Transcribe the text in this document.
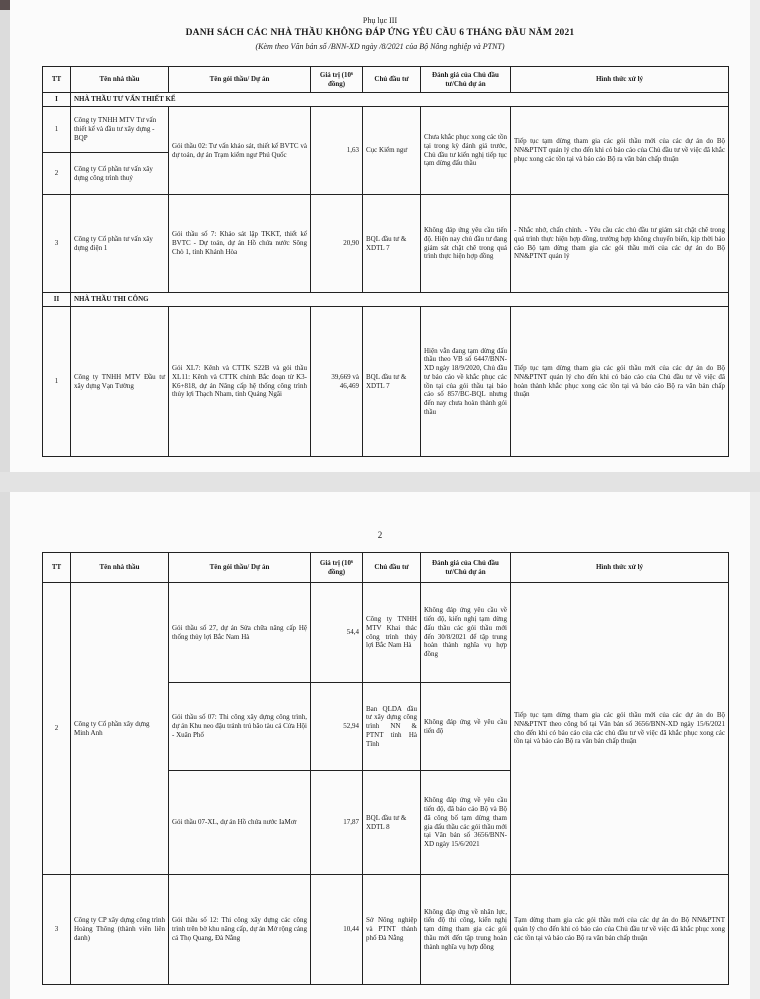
Phụ lục III
DANH SÁCH CÁC NHÀ THẦU KHÔNG ĐÁP ỨNG YÊU CẦU 6 THÁNG ĐẦU NĂM 2021
(Kèm theo Văn bản số /BNN-XD ngày /8/2021 của Bộ Nông nghiệp và PTNT)
TT	Tên nhà thầu	Tên gói thầu/ Dự án	Giá trị (10⁶ đồng)	Chủ đầu tư	Đánh giá của Chủ đầu tư/Chủ dự án	Hình thức xử lý
I	NHÀ THẦU TƯ VẤN THIẾT KẾ					
1	Công ty TNHH MTV Tư vấn thiết kế và đầu tư xây dựng - BQP	Gói thầu 02: Tư vấn khảo sát, thiết kế BVTC và dự toán, dự án Trạm kiểm ngư Phú Quốc	1,63	Cục Kiểm ngư	Chưa khắc phục xong các tồn tại trong kỳ đánh giá trước, Chủ đầu tư kiến nghị tiếp tục tạm dừng đấu thầu	Tiếp tục tạm dừng tham gia các gói thầu mới của các dự án do Bộ NN&PTNT quản lý cho đến khi có báo cáo của Chủ đầu tư về việc đã khắc phục xong các tồn tại và báo cáo Bộ ra văn bản chấp thuận
2	Công ty Cổ phần tư vấn xây dựng công trình thuỷ					
3	Công ty Cổ phần tư vấn xây dựng điện 1	Gói thầu số 7: Khảo sát lập TKKT, thiết kế BVTC - Dự toán, dự án Hồ chứa nước Sông Chò 1, tỉnh Khánh Hòa	20,90	BQL đầu tư & XDTL 7	Không đáp ứng yêu cầu tiến độ. Hiện nay chủ đầu tư đang giám sát chặt chẽ trong quá trình thực hiện hợp đồng	- Nhắc nhở, chấn chỉnh. - Yêu cầu các chủ đầu tư giám sát chặt chẽ trong quá trình thực hiện hợp đồng, trường hợp không chuyển biến, kịp thời báo cáo Bộ tạm dừng tham gia các gói thầu mới của các dự án do Bộ NN&PTNT quản lý
II	NHÀ THẦU THI CÔNG					
1	Công ty TNHH MTV Đầu tư xây dựng Vạn Tường	Gói XL7: Kênh và CTTK S22B và gói thầu XL11: Kênh và CTTK chính Bắc đoạn từ K3-K6+818, dự án Nâng cấp hệ thống công trình thủy lợi Thạch Nham, tỉnh Quảng Ngãi	39,669 và 46,469	BQL đầu tư & XDTL 7	Hiện vẫn đang tạm dừng đấu thầu theo VB số 6447/BNN-XD ngày 18/9/2020, Chủ đầu tư báo cáo về khắc phục các tồn tại của gói thầu tại báo cáo số 857/BC-BQL nhưng đến nay chưa hoàn thành gói thầu	Tiếp tục tạm dừng tham gia các gói thầu mới của các dự án do Bộ NN&PTNT quản lý cho đến khi có báo cáo của Chủ đầu tư về việc đã hoàn thành khắc phục xong các tồn tại và báo cáo Bộ ra văn bản chấp thuận
2
TT	Tên nhà thầu	Tên gói thầu/ Dự án	Giá trị (10⁶ đồng)	Chủ đầu tư	Đánh giá của Chủ đầu tư/Chủ dự án	Hình thức xử lý
2	Công ty Cổ phần xây dựng Minh Anh	Gói thầu số 27, dự án Sửa chữa nâng cấp Hệ thống thủy lợi Bắc Nam Hà	54,4	Công ty TNHH MTV Khai thác công trình thủy lợi Bắc Nam Hà	Không đáp ứng yêu cầu về tiến độ, kiến nghị tạm dừng đấu thầu các gói thầu mới đến 30/8/2021 để tập trung hoàn thành nghĩa vụ hợp đồng	Tiếp tục tạm dừng tham gia các gói thầu mới của các dự án do Bộ NN&PTNT theo công bố tại Văn bản số 3656/BNN-XD ngày 15/6/2021 cho đến khi có báo cáo của các chủ đầu tư về việc đã khắc phục xong các tồn tại và báo cáo Bộ ra văn bản chấp thuận
		Gói thầu số 07: Thi công xây dựng công trình, dự án Khu neo đậu tránh trú bão tàu cá Cửa Hội - Xuân Phổ	52,94	Ban QLDA đầu tư xây dựng công trình NN & PTNT tỉnh Hà Tĩnh	Không đáp ứng về yêu cầu tiến độ	
		Gói thầu 07-XL, dự án Hồ chứa nước IaMơr	17,87	BQL đầu tư & XDTL 8	Không đáp ứng về yêu cầu tiến độ, đã báo cáo Bộ và Bộ đã công bố tạm dừng tham gia đấu thầu các gói thầu mới tại Văn bản số 3656/BNN-XD ngày 15/6/2021	
3	Công ty CP xây dựng công trình Hoàng Thông (thành viên liên danh)	Gói thầu số 12: Thi công xây dựng các công trình trên bờ khu nâng cấp, dự án Mở rộng cảng cá Thọ Quang, Đà Nẵng	10,44	Sở Nông nghiệp và PTNT thành phố Đà Nẵng	Không đáp ứng về nhân lực, tiến độ thi công, kiến nghị tạm dừng tham gia các gói thầu mới đến tập trung hoàn thành nghĩa vụ hợp đồng	Tạm dừng tham gia các gói thầu mới của các dự án do Bộ NN&PTNT quản lý cho đến khi có báo cáo của Chủ đầu tư về việc đã khắc phục xong các tồn tại và báo cáo Bộ ra văn bản chấp thuận
